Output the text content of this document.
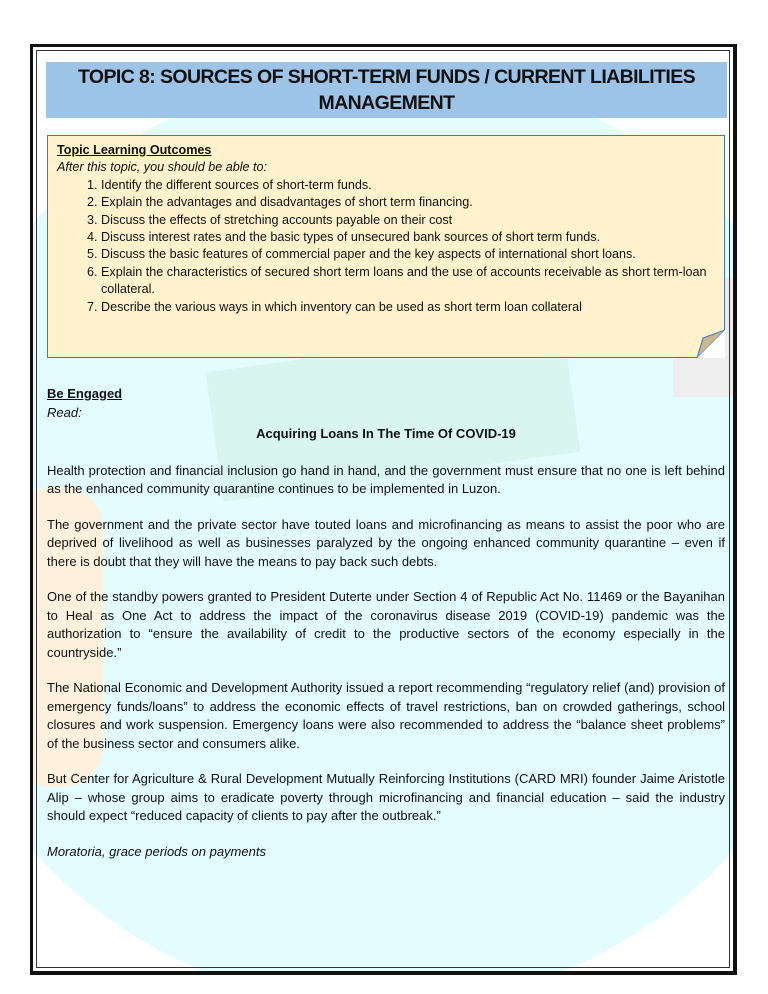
TOPIC 8: SOURCES OF SHORT-TERM FUNDS / CURRENT LIABILITIES MANAGEMENT
Topic Learning Outcomes
After this topic, you should be able to:
1. Identify the different sources of short-term funds.
2. Explain the advantages and disadvantages of short term financing.
3. Discuss the effects of stretching accounts payable on their cost
4. Discuss interest rates and the basic types of unsecured bank sources of short term funds.
5. Discuss the basic features of commercial paper and the key aspects of international short loans.
6. Explain the characteristics of secured short term loans and the use of accounts receivable as short term-loan collateral.
7. Describe the various ways in which inventory can be used as short term loan collateral
Be Engaged
Read:
Acquiring Loans In The Time Of COVID-19

Health protection and financial inclusion go hand in hand, and the government must ensure that no one is left behind as the enhanced community quarantine continues to be implemented in Luzon.

The government and the private sector have touted loans and microfinancing as means to assist the poor who are deprived of livelihood as well as businesses paralyzed by the ongoing enhanced community quarantine – even if there is doubt that they will have the means to pay back such debts.

One of the standby powers granted to President Duterte under Section 4 of Republic Act No. 11469 or the Bayanihan to Heal as One Act to address the impact of the coronavirus disease 2019 (COVID-19) pandemic was the authorization to “ensure the availability of credit to the productive sectors of the economy especially in the countryside.”

The National Economic and Development Authority issued a report recommending “regulatory relief (and) provision of emergency funds/loans” to address the economic effects of travel restrictions, ban on crowded gatherings, school closures and work suspension. Emergency loans were also recommended to address the “balance sheet problems” of the business sector and consumers alike.

But Center for Agriculture & Rural Development Mutually Reinforcing Institutions (CARD MRI) founder Jaime Aristotle Alip – whose group aims to eradicate poverty through microfinancing and financial education – said the industry should expect “reduced capacity of clients to pay after the outbreak.”

Moratoria, grace periods on payments
